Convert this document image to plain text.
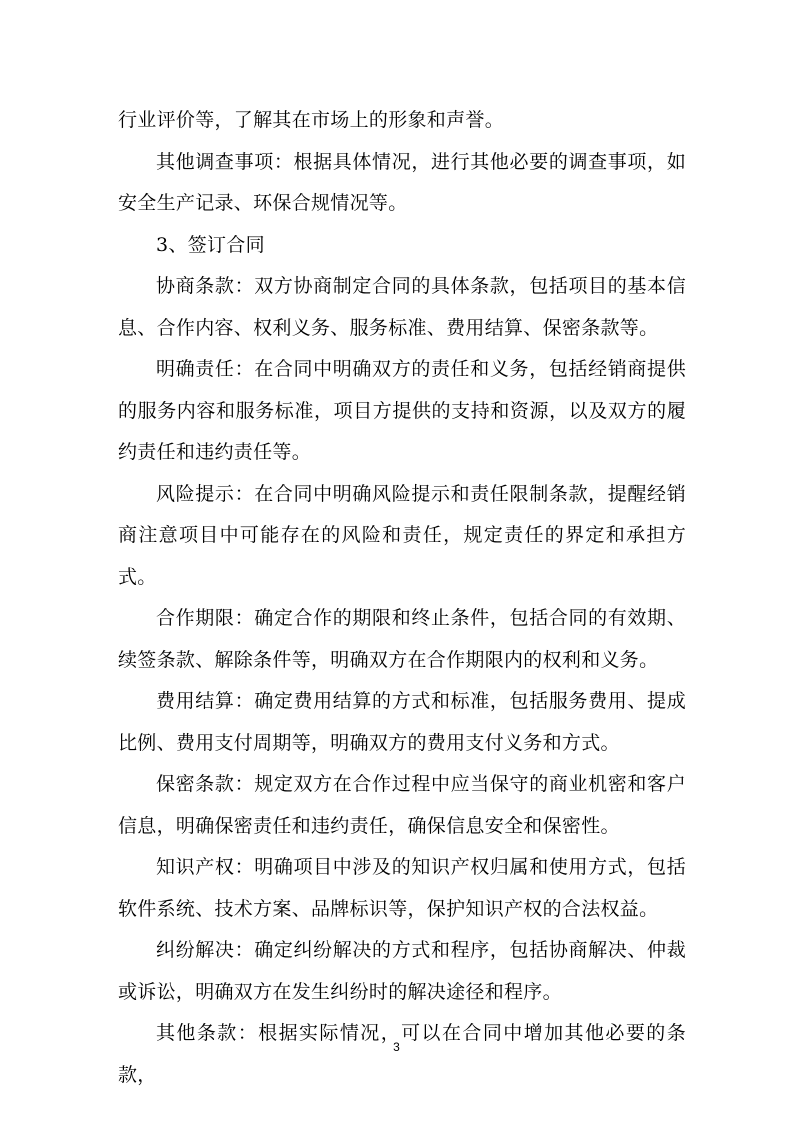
行业评价等，了解其在市场上的形象和声誉。

其他调查事项：根据具体情况，进行其他必要的调查事项，如安全生产记录、环保合规情况等。

3、签订合同

协商条款：双方协商制定合同的具体条款，包括项目的基本信息、合作内容、权利义务、服务标准、费用结算、保密条款等。

明确责任：在合同中明确双方的责任和义务，包括经销商提供的服务内容和服务标准，项目方提供的支持和资源，以及双方的履约责任和违约责任等。

风险提示：在合同中明确风险提示和责任限制条款，提醒经销商注意项目中可能存在的风险和责任，规定责任的界定和承担方式。

合作期限：确定合作的期限和终止条件，包括合同的有效期、续签条款、解除条件等，明确双方在合作期限内的权利和义务。

费用结算：确定费用结算的方式和标准，包括服务费用、提成比例、费用支付周期等，明确双方的费用支付义务和方式。

保密条款：规定双方在合作过程中应当保守的商业机密和客户信息，明确保密责任和违约责任，确保信息安全和保密性。

知识产权：明确项目中涉及的知识产权归属和使用方式，包括软件系统、技术方案、品牌标识等，保护知识产权的合法权益。

纠纷解决：确定纠纷解决的方式和程序，包括协商解决、仲裁或诉讼，明确双方在发生纠纷时的解决途径和程序。

其他条款：根据实际情况，可以在合同中增加其他必要的条款，

3
